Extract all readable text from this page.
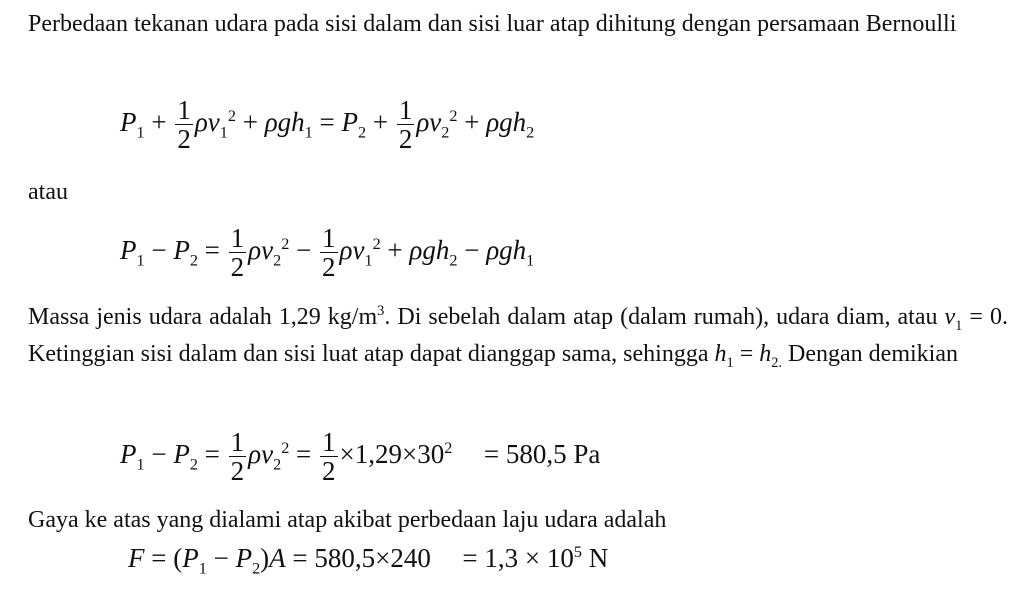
Perbedaan tekanan udara pada sisi dalam dan sisi luar atap dihitung dengan persamaan Bernoulli
$P_1 + \frac{1}{2} \rho v_1^2 + \rho gh_1 = P_2 + \frac{1}{2} \rho v_2^2 + \rho gh_2$
atau
$P_1 - P_2 = \frac{1}{2} \rho v_2^2 - \frac{1}{2} \rho v_1^2 + \rho gh_2 - \rho gh_1$
Massa jenis udara adalah 1,29 $kg/m^3$. Di sebelah dalam atap (dalam rumah), udara diam, atau $v_1 = 0$. Ketinggian sisi dalam dan sisi luat atap dapat dianggap sama, sehingga $h_1 = h_{2.}$ Dengan demikian
$P_1 - P_2 = \frac{1}{2} \rho v_2^2 = \frac{1}{2} \times 1,29\times 30^2 = 580,5$ Pa
Gaya ke atas yang dialami atap akibat perbedaan laju udara adalah
$F = (P_1 - P_2)A = 580,5\times 240 = 1,3 \times 10^5$ N
